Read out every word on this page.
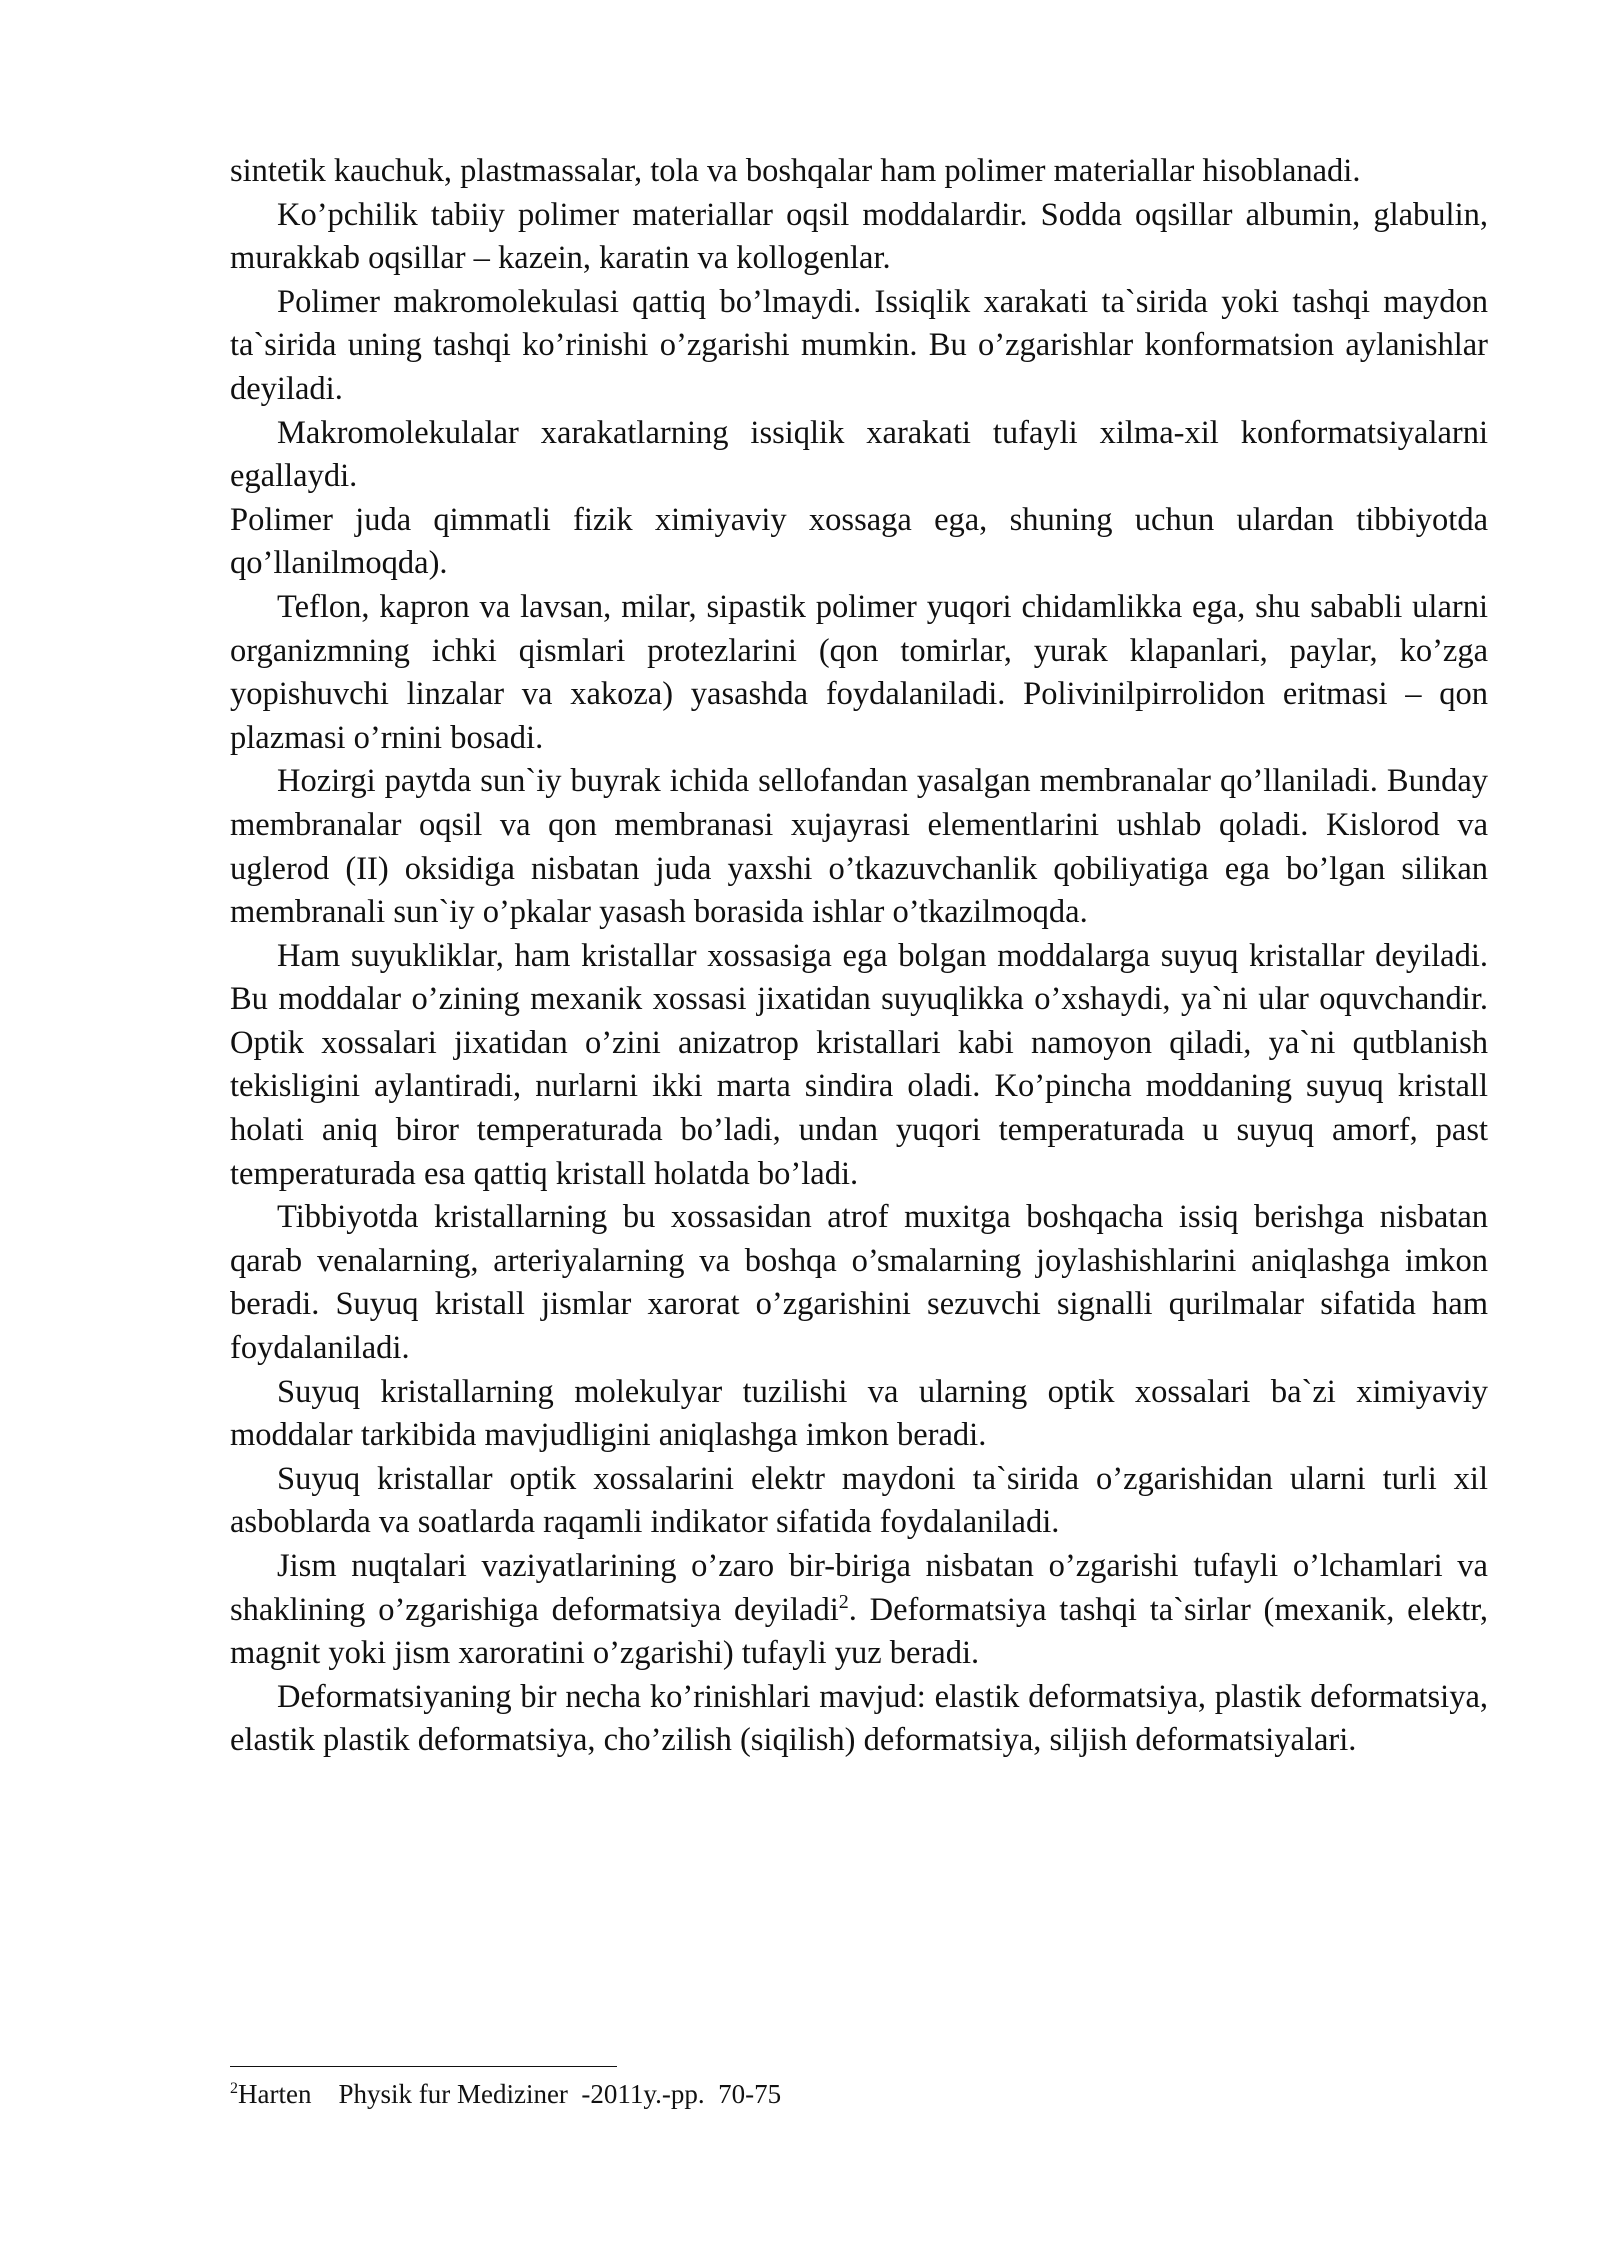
sintetik kauchuk, plastmassalar, tola va boshqalar ham polimer materiallar hisoblanadi.

Ko’pchilik tabiiy polimer materiallar oqsil moddalardir. Sodda oqsillar albumin, glabulin, murakkab oqsillar – kazein, karatin va kollogenlar.

Polimer makromolekulasi qattiq bo’lmaydi. Issiqlik xarakati ta`sirida yoki tashqi maydon ta`sirida uning tashqi ko’rinishi o’zgarishi mumkin. Bu o’zgarishlar konformatsion aylanishlar deyiladi.

Makromolekulalar xarakatlarning issiqlik xarakati tufayli xilma-xil konformatsiyalarni egallaydi.

Polimer juda qimmatli fizik ximiyaviy xossaga ega, shuning uchun ulardan tibbiyotda qo’llanilmoqda).

Teflon, kapron va lavsan, milar, sipastik polimer yuqori chidamlikka ega, shu sababli ularni organizmning ichki qismlari protezlarini (qon tomirlar, yurak klapanlari, paylar, ko’zga yopishuvchi linzalar va xakoza) yasashda foydalaniladi. Polivinilpirrolidon eritmasi – qon plazmasi o’rnini bosadi.

Hozirgi paytda sun`iy buyrak ichida sellofandan yasalgan membranalar qo’llaniladi. Bunday membranalar oqsil va qon membranasi xujayrasi elementlarini ushlab qoladi. Kislorod va uglerod (II) oksidiga nisbatan juda yaxshi o’tkazuvchanlik qobiliyatiga ega bo’lgan silikan membranali sun`iy o’pkalar yasash borasida ishlar o’tkazilmoqda.

Ham suyukliklar, ham kristallar xossasiga ega bolgan moddalarga suyuq kristallar deyiladi. Bu moddalar o’zining mexanik xossasi jixatidan suyuqlikka o’xshaydi, ya`ni ular oquvchandir. Optik xossalari jixatidan o’zini anizatrop kristallari kabi namoyon qiladi, ya`ni qutblanish tekisligini aylantiradi, nurlarni ikki marta sindira oladi. Ko’pincha moddaning suyuq kristall holati aniq biror temperaturada bo’ladi, undan yuqori temperaturada u suyuq amorf, past temperaturada esa qattiq kristall holatda bo’ladi.

Tibbiyotda kristallarning bu xossasidan atrof muxitga boshqacha issiq berishga nisbatan qarab venalarning, arteriyalarning va boshqa o’smalarning joylashishlarini aniqlashga imkon beradi. Suyuq kristall jismlar xarorat o’zgarishini sezuvchi signalli qurilmalar sifatida ham foydalaniladi.

Suyuq kristallarning molekulyar tuzilishi va ularning optik xossalari ba`zi ximiyaviy moddalar tarkibida mavjudligini aniqlashga imkon beradi.

Suyuq kristallar optik xossalarini elektr maydoni ta`sirida o’zgarishidan ularni turli xil asboblarda va soatlarda raqamli indikator sifatida foydalaniladi.

Jism nuqtalari vaziyatlarining o’zaro bir-biriga nisbatan o’zgarishi tufayli o’lchamlari va shaklining o’zgarishiga deformatsiya deyiladi$^2$. Deformatsiya tashqi ta`sirlar (mexanik, elektr, magnit yoki jism xaroratini o’zgarishi) tufayli yuz beradi.

Deformatsiyaning bir necha ko’rinishlari mavjud: elastik deformatsiya, plastik deformatsiya, elastik plastik deformatsiya, cho’zilish (siqilish) deformatsiya, siljish deformatsiyalari.

$^2$Harten    Physik fur Mediziner  -2011y.-pp.  70-75
